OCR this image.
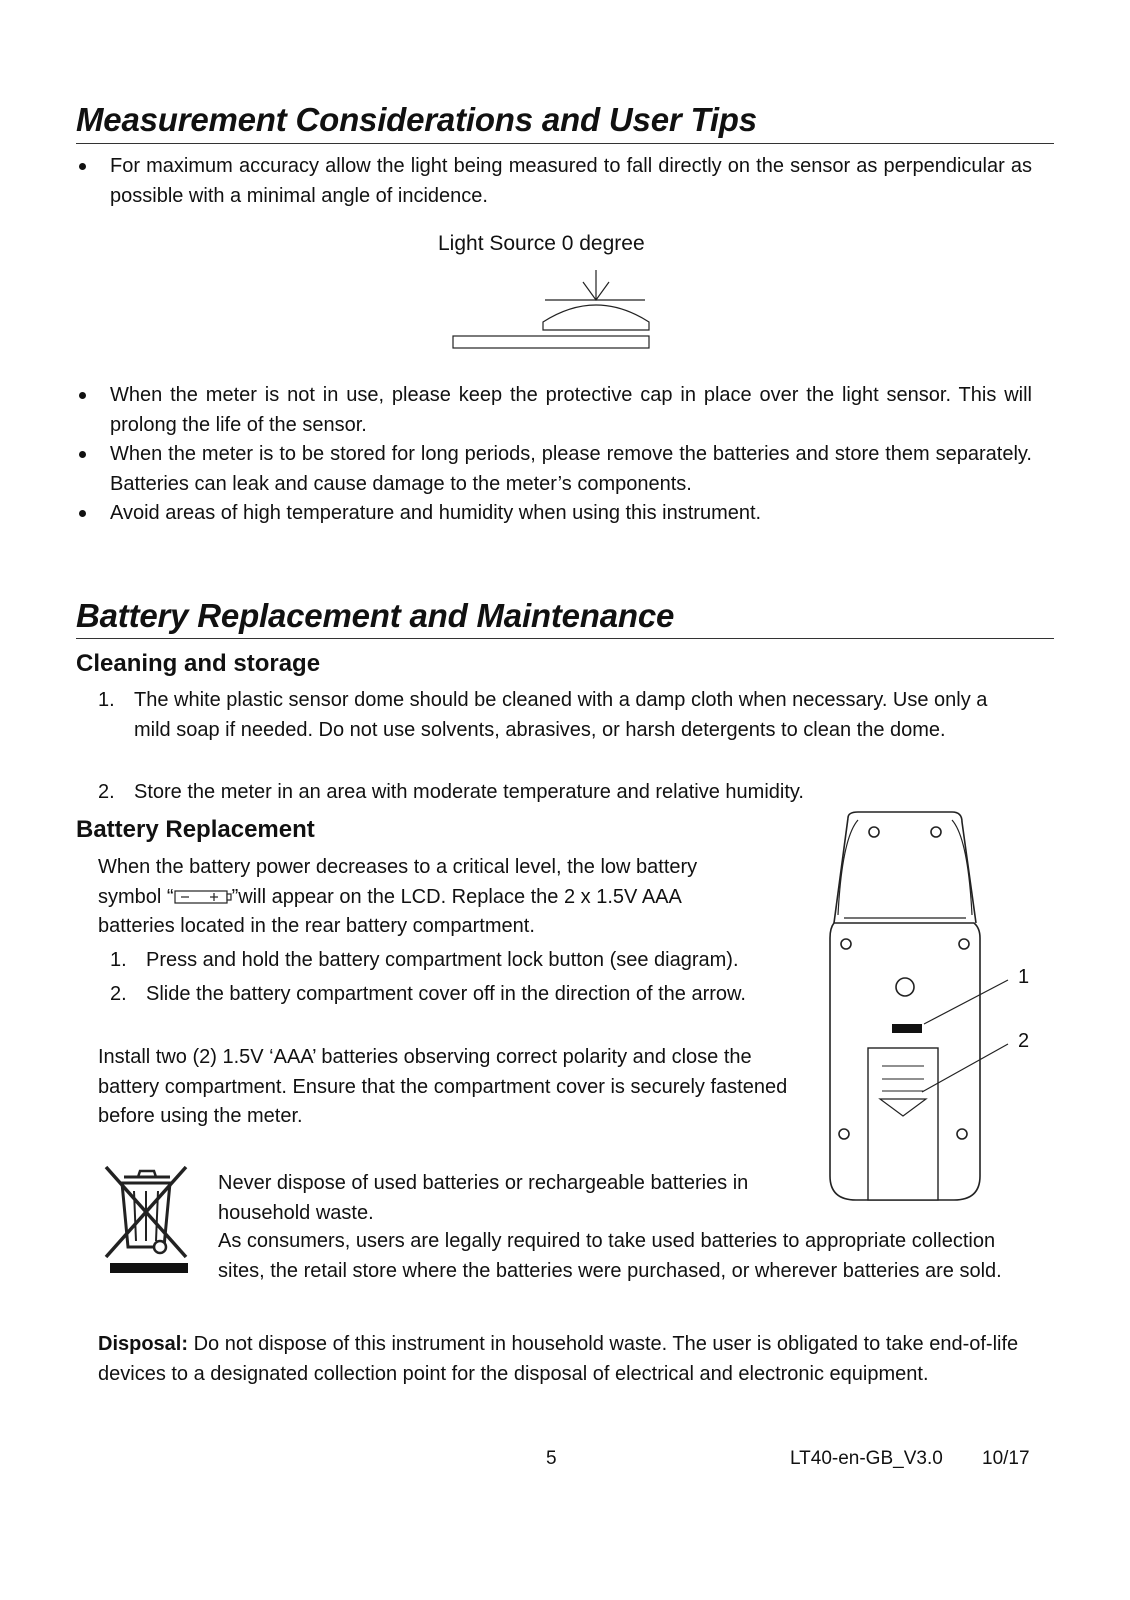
Measurement Considerations and User Tips

For maximum accuracy allow the light being measured to fall directly on the sensor as perpendicular as possible with a minimal angle of incidence.

Light Source 0 degree

When the meter is not in use, please keep the protective cap in place over the light sensor. This will prolong the life of the sensor.

When the meter is to be stored for long periods, please remove the batteries and store them separately. Batteries can leak and cause damage to the meter’s components.

Avoid areas of high temperature and humidity when using this instrument.

Battery Replacement and Maintenance
Cleaning and storage
1. The white plastic sensor dome should be cleaned with a damp cloth when necessary. Use only a mild soap if needed. Do not use solvents, abrasives, or harsh detergents to clean the dome.

2. Store the meter in an area with moderate temperature and relative humidity.

Battery Replacement
When the battery power decreases to a critical level, the low battery
symbol “	”will appear on the LCD. Replace the 2 x 1.5V AAA
batteries located in the rear battery compartment.
1. Press and hold the battery compartment lock button (see diagram).

2. Slide the battery compartment cover off in the direction of the arrow.

Install two (2) 1.5V ‘AAA’ batteries observing correct polarity and close the battery compartment. Ensure that the compartment cover is securely fastened before using the meter.

1
2

Never dispose of used batteries or rechargeable batteries in household waste.

As consumers, users are legally required to take used batteries to appropriate collection sites, the retail store where the batteries were purchased, or wherever batteries are sold.

Disposal: Do not dispose of this instrument in household waste. The user is obligated to take end-of-life devices to a designated collection point for the disposal of electrical and electronic equipment.

5	LT40-en-GB_V3.0 10/17
